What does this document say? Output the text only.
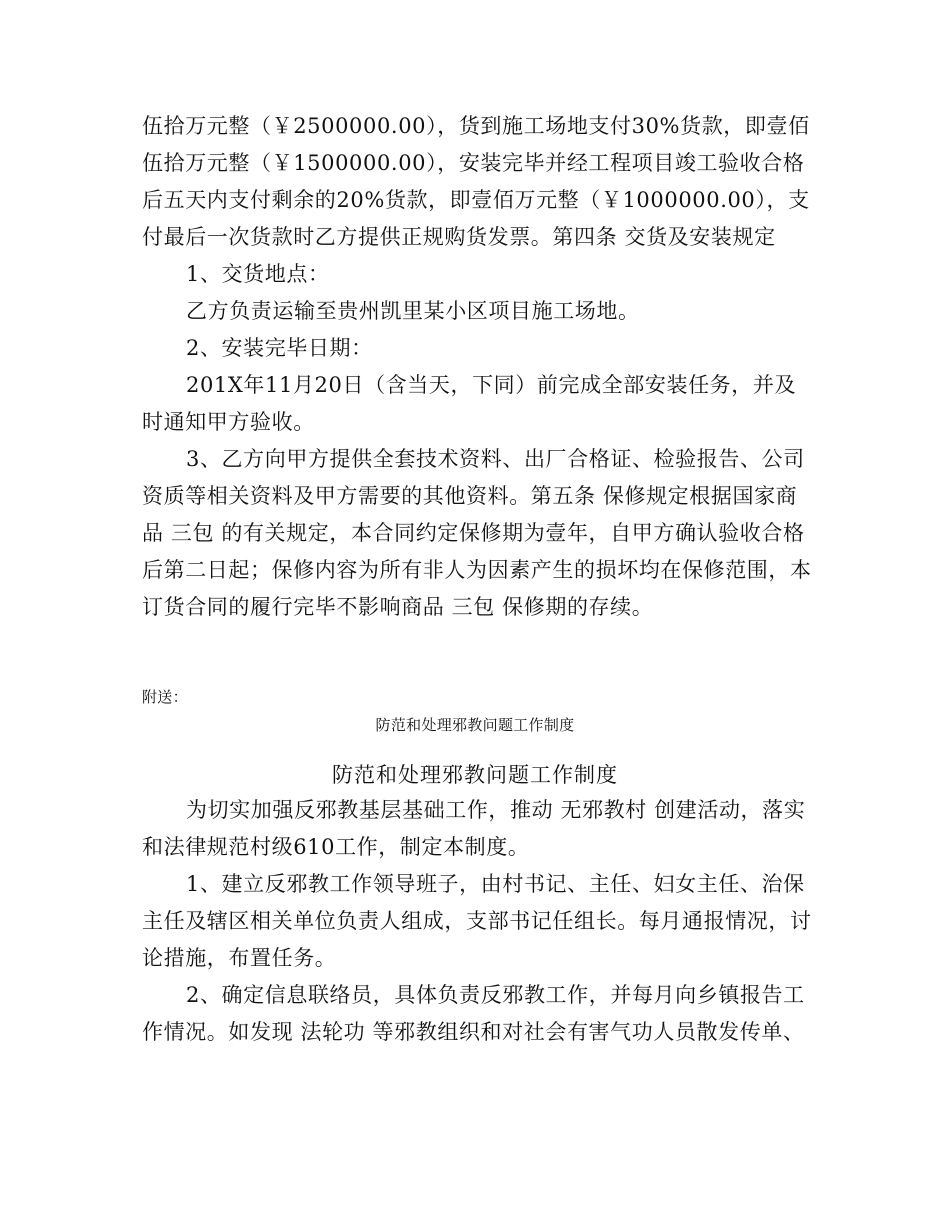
伍拾万元整（￥2500000.00），货到施工场地支付30%货款，即壹佰伍拾万元整（￥1500000.00），安装完毕并经工程项目竣工验收合格后五天内支付剩余的20%货款，即壹佰万元整（￥1000000.00），支付最后一次货款时乙方提供正规购货发票。第四条 交货及安装规定

1、交货地点：

乙方负责运输至贵州凯里某小区项目施工场地。

2、安装完毕日期：

201X年11月20日（含当天，下同）前完成全部安装任务，并及时通知甲方验收。

3、乙方向甲方提供全套技术资料、出厂合格证、检验报告、公司资质等相关资料及甲方需要的其他资料。第五条 保修规定根据国家商品 三包 的有关规定，本合同约定保修期为壹年，自甲方确认验收合格后第二日起；保修内容为所有非人为因素产生的损坏均在保修范围，本订货合同的履行完毕不影响商品 三包 保修期的存续。

附送：

防范和处理邪教问题工作制度

防范和处理邪教问题工作制度

为切实加强反邪教基层基础工作，推动 无邪教村 创建活动，落实和法律规范村级610工作，制定本制度。

1、建立反邪教工作领导班子，由村书记、主任、妇女主任、治保主任及辖区相关单位负责人组成，支部书记任组长。每月通报情况，讨论措施，布置任务。

2、确定信息联络员，具体负责反邪教工作，并每月向乡镇报告工作情况。如发现 法轮功 等邪教组织和对社会有害气功人员散发传单、
